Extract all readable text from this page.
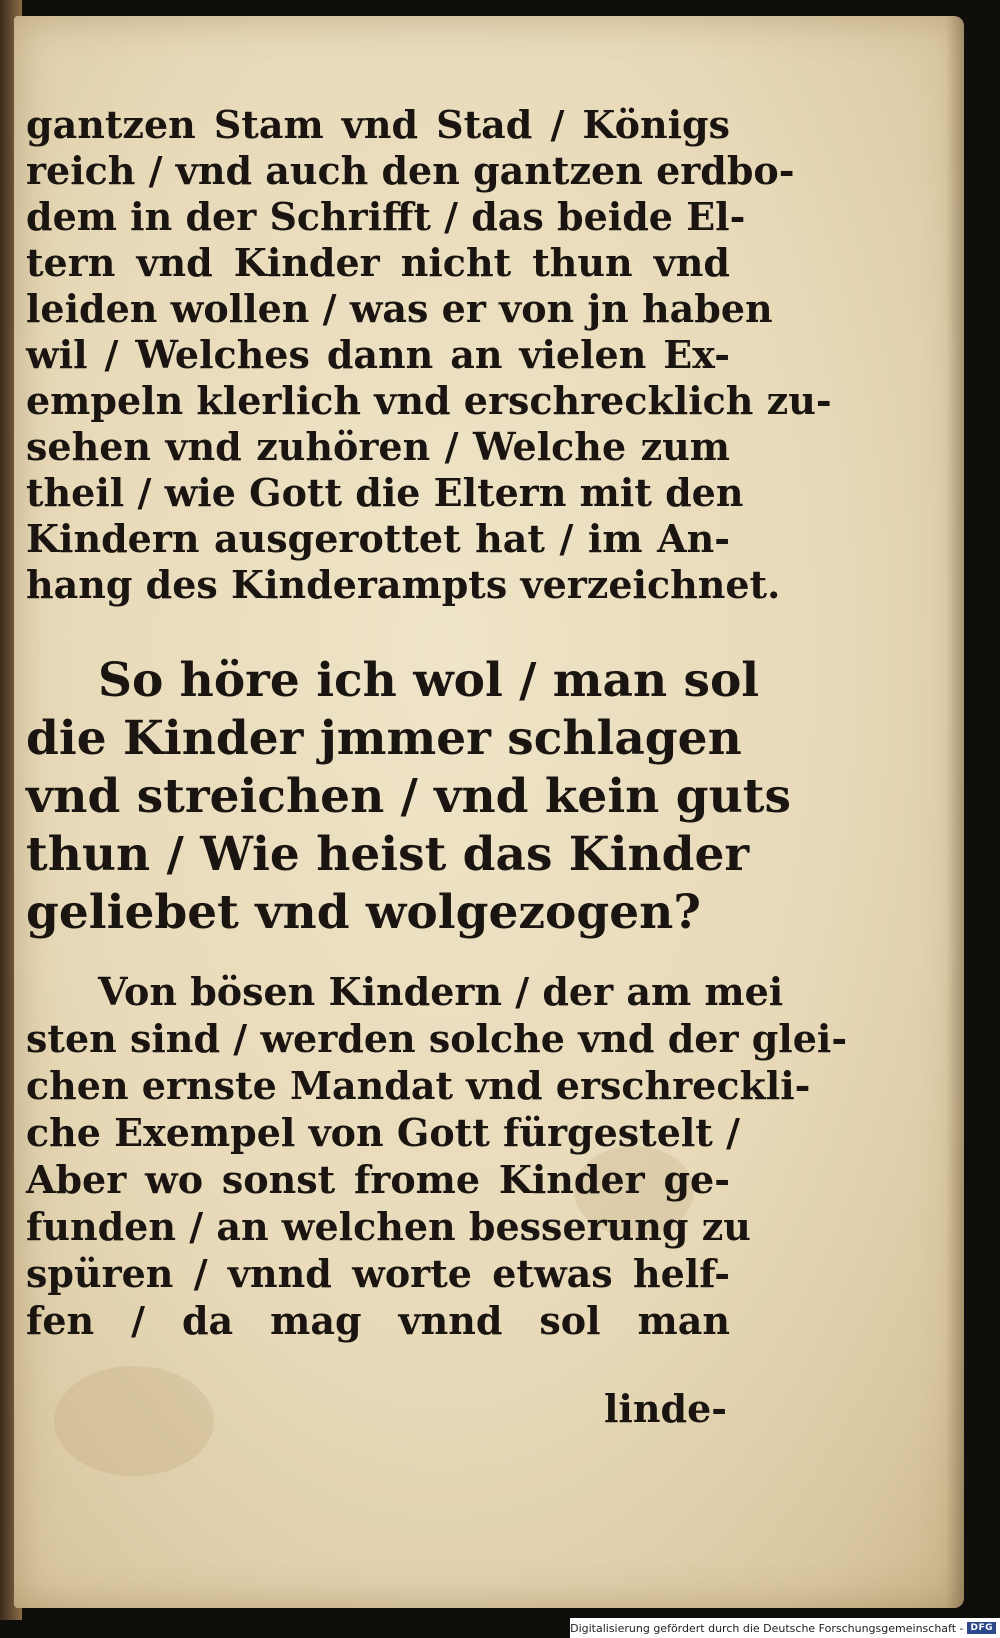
gantzen Stam vnd Stad / Königs
reich / vnd auch den gantzen erdbo-
dem in der Schrifft / das beide El-
tern vnd Kinder nicht thun vnd
leiden wollen / was er von jn haben
wil / Welches dann an vielen Ex-
empeln klerlich vnd erschrecklich zu-
sehen vnd zuhören / Welche zum
theil / wie Gott die Eltern mit den
Kindern ausgerottet hat / im An-
hang des Kinderampts verzeichnet.
So höre ich wol / man sol
die Kinder jmmer schlagen
vnd streichen / vnd kein guts
thun / Wie heist das Kinder
geliebet vnd wolgezogen?
Von bösen Kindern / der am mei
sten sind / werden solche vnd der glei-
chen ernste Mandat vnd erschreckli-
che Exempel von Gott fürgestelt /
Aber wo sonst frome Kinder ge-
funden / an welchen besserung zu
spüren / vnnd worte etwas helf-
fen / da mag vnnd sol man
linde-
Digitalisierung gefördert durch die Deutsche Forschungsgemeinschaft - DFG
